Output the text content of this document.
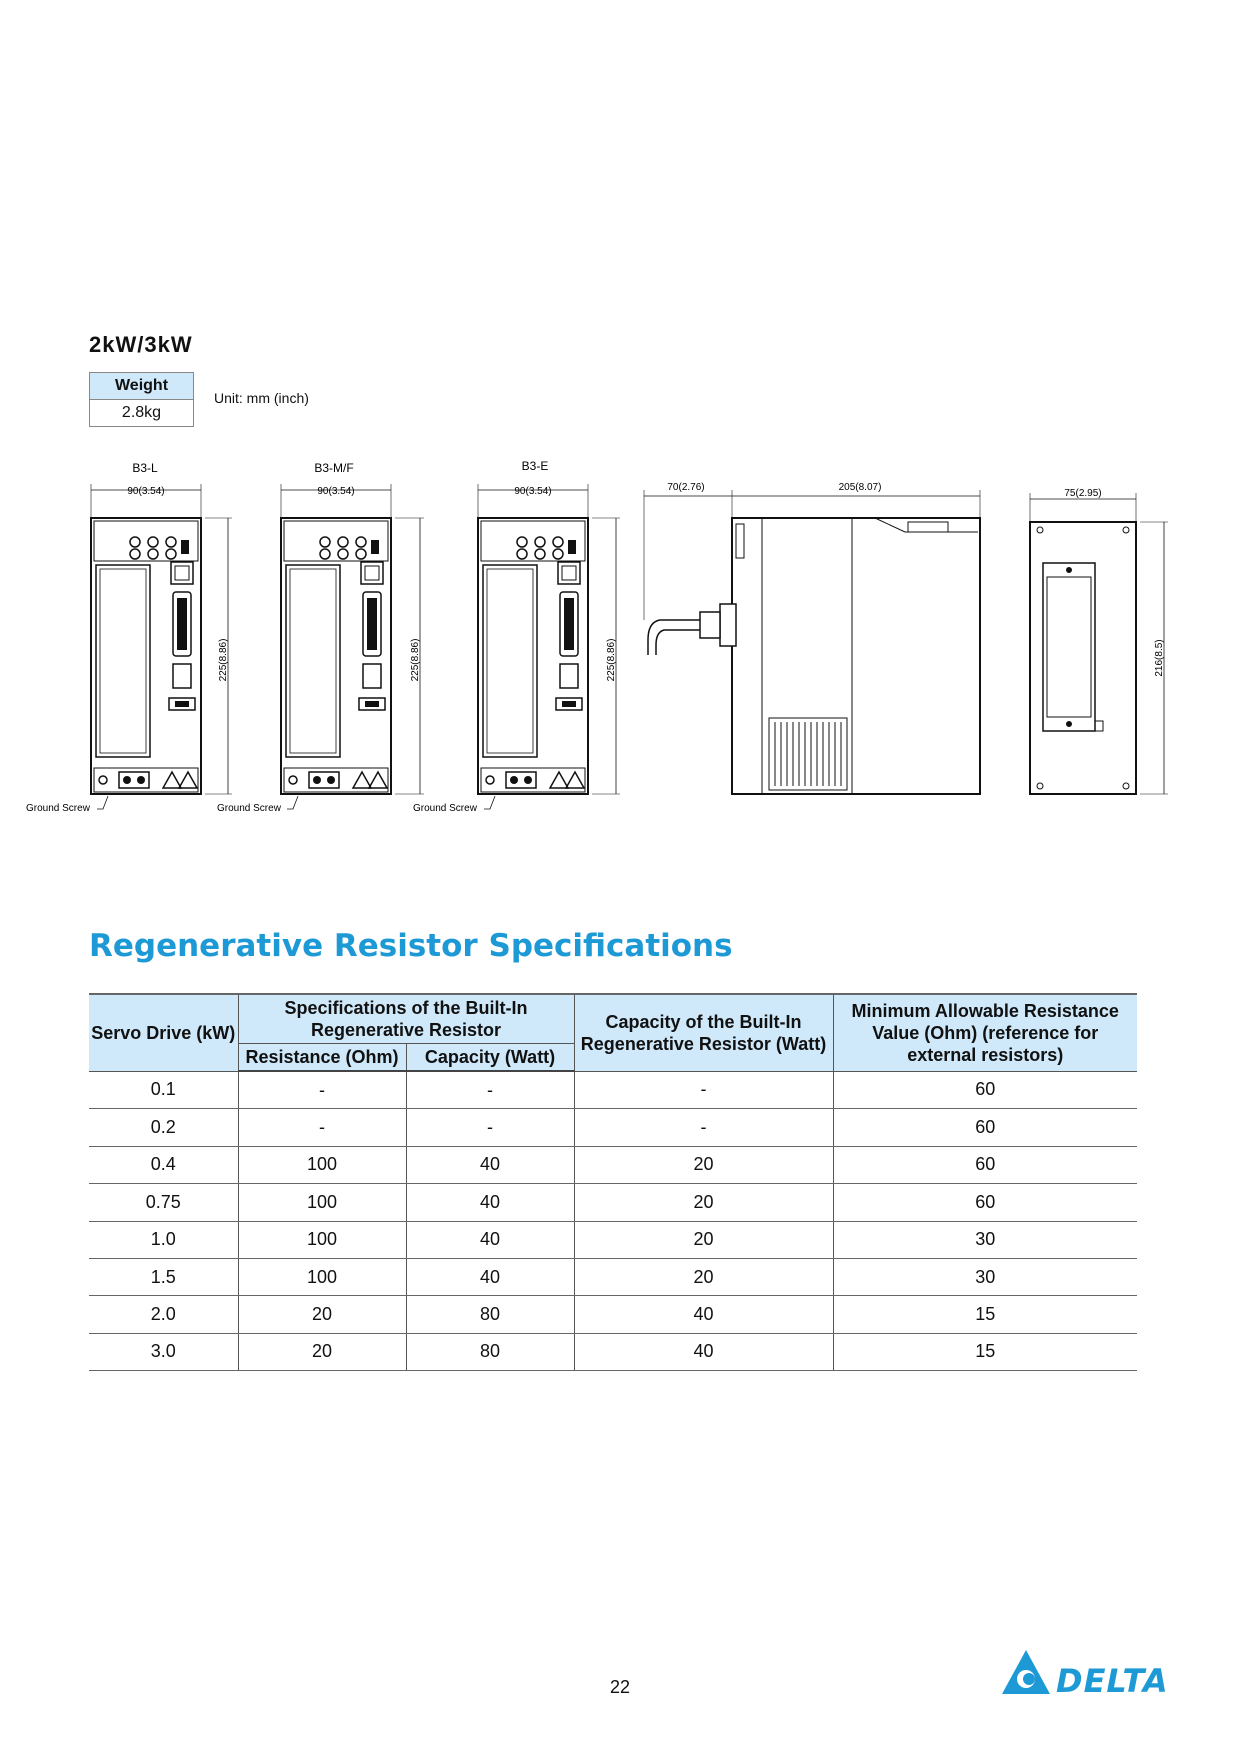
2kW/3kW
Weight
2.8kg
Unit: mm (inch)
B3-L
90(3.54)
225(8.86)
Ground Screw
B3-M/F
90(3.54)
225(8.86)
Ground Screw
B3-E
90(3.54)
225(8.86)
Ground Screw
70(2.76)	205(8.07)
75(2.95)
216(8.5)
Regenerative Resistor Specifications
Servo Drive (kW)	Specifications of the Built-In Regenerative Resistor		Capacity of the Built-In Regenerative Resistor (Watt)	Minimum Allowable Resistance Value (Ohm) (reference for external resistors)
	Resistance (Ohm)	Capacity (Watt)		
0.1	-	-	-	60
0.2	-	-	-	60
0.4	100	40	20	60
0.75	100	40	20	60
1.0	100	40	20	30
1.5	100	40	20	30
2.0	20	80	40	15
3.0	20	80	40	15
22	DELTA
